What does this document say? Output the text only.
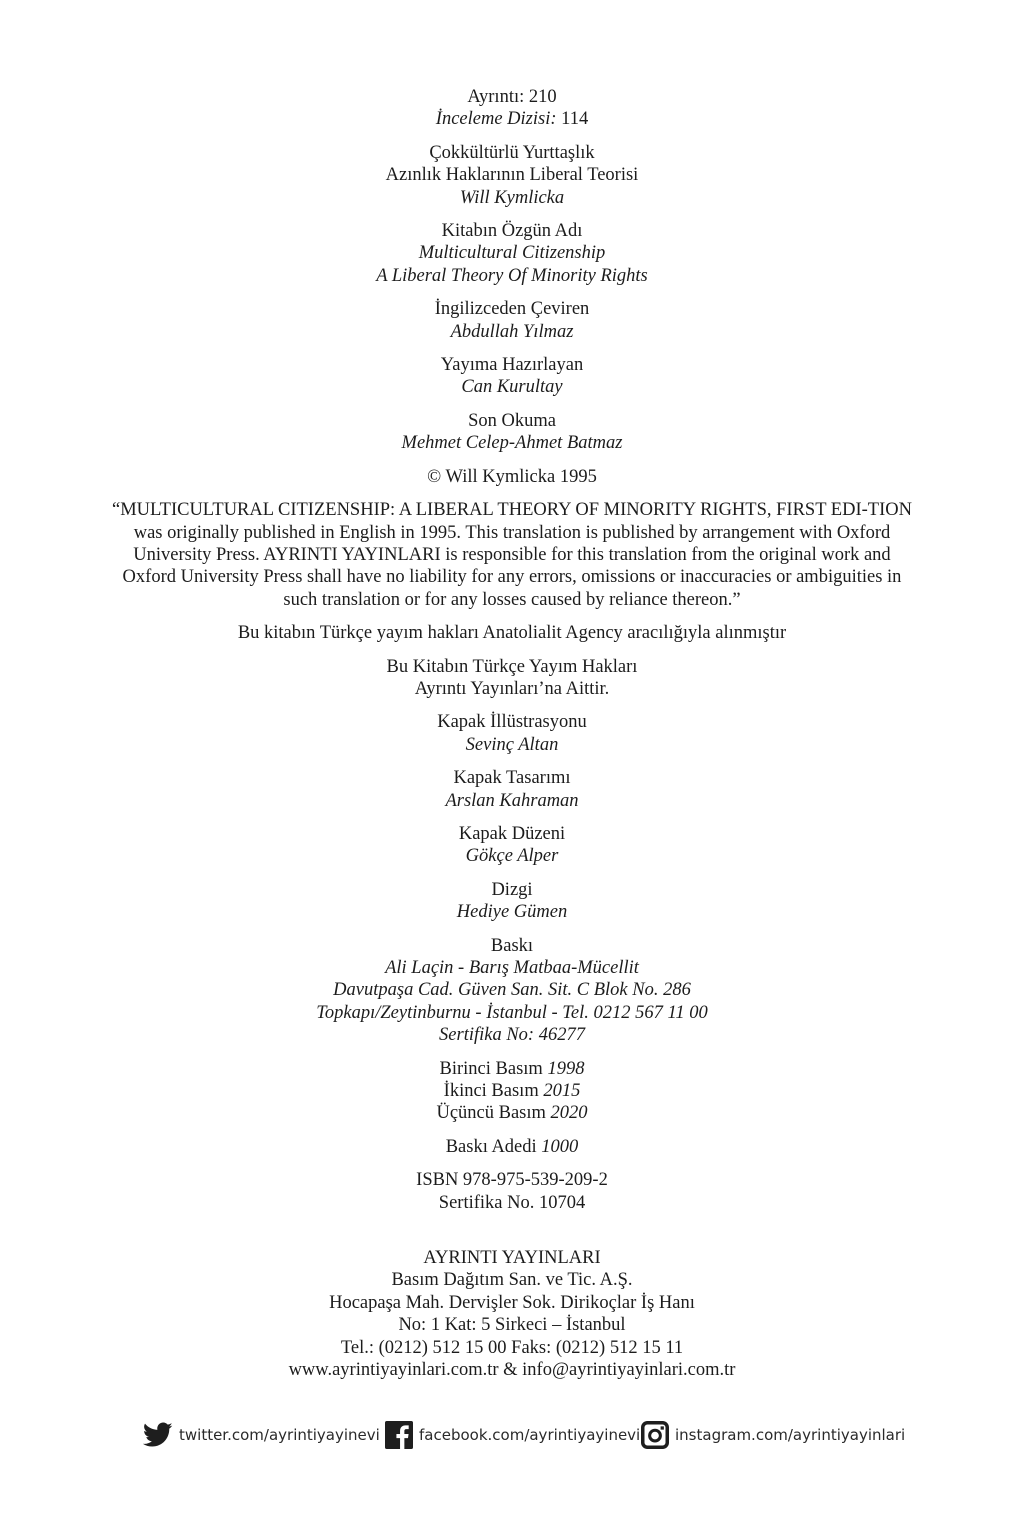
Ayrıntı: 210
İnceleme Dizisi: 114
Çokkültürlü Yurttaşlık
Azınlık Haklarının Liberal Teorisi
Will Kymlicka
Kitabın Özgün Adı
Multicultural Citizenship
A Liberal Theory Of Minority Rights
İngilizceden Çeviren
Abdullah Yılmaz
Yayıma Hazırlayan
Can Kurultay
Son Okuma
Mehmet Celep-Ahmet Batmaz
© Will Kymlicka 1995
“MULTICULTURAL CITIZENSHIP: A LIBERAL THEORY OF MINORITY RIGHTS, FIRST EDI-TION was originally published in English in 1995. This translation is published by arrangement with Oxford University Press. AYRINTI YAYINLARI is responsible for this translation from the original work and Oxford University Press shall have no liability for any errors, omissions or inaccuracies or ambiguities in such translation or for any losses caused by reliance thereon.”
Bu kitabın Türkçe yayım hakları Anatolialit Agency aracılığıyla alınmıştır
Bu Kitabın Türkçe Yayım Hakları
Ayrıntı Yayınları’na Aittir.
Kapak İllüstrasyonu
Sevinç Altan
Kapak Tasarımı
Arslan Kahraman
Kapak Düzeni
Gökçe Alper
Dizgi
Hediye Gümen
Baskı
Ali Laçin - Barış Matbaa-Mücellit
Davutpaşa Cad. Güven San. Sit. C Blok No. 286
Topkapı/Zeytinburnu - İstanbul - Tel. 0212 567 11 00
Sertifika No: 46277
Birinci Basım 1998
İkinci Basım 2015
Üçüncü Basım 2020
Baskı Adedi 1000
ISBN 978-975-539-209-2
Sertifika No. 10704
AYRINTI YAYINLARI
Basım Dağıtım San. ve Tic. A.Ş.
Hocapaşa Mah. Dervişler Sok. Dirikoçlar İş Hanı
No: 1 Kat: 5 Sirkeci – İstanbul
Tel.: (0212) 512 15 00 Faks: (0212) 512 15 11
www.ayrintiyayinlari.com.tr & info@ayrintiyayinlari.com.tr
twitter.com/ayrintiyayinevi	facebook.com/ayrintiyayinevi instagram.com/ayrintiyayinlari
